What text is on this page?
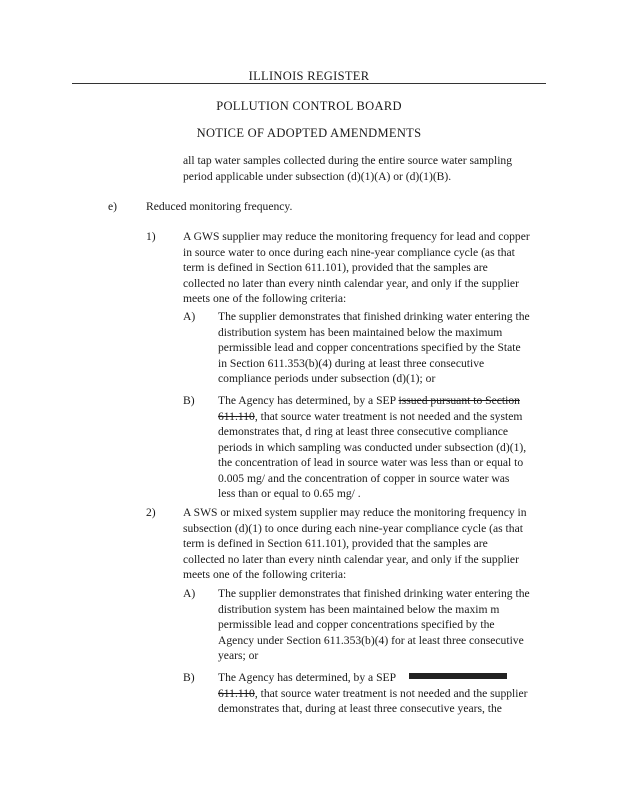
ILLINOIS REGISTER
POLLUTION CONTROL BOARD
NOTICE OF ADOPTED AMENDMENTS
all tap water samples collected during the entire source water sampling
period applicable under subsection (d)(1)(A) or (d)(1)(B).
e) Reduced monitoring frequency.
1) A GWS supplier may reduce the monitoring frequency for lead and copper
in source water to once during each nine-year compliance cycle (as that
term is defined in Section 611.101), provided that the samples are
collected no later than every ninth calendar year, and only if the supplier
meets one of the following criteria:
A) The supplier demonstrates that finished drinking water entering the
distribution system has been maintained below the maximum
permissible lead and copper concentrations specified by the State
in Section 611.353(b)(4) during at least three consecutive
compliance periods under subsection (d)(1); or
B) The Agency has determined, by a SEP issued pursuant to Section
611.110, that source water treatment is not needed and the system
demonstrates that, d ring at least three consecutive compliance
periods in which sampling was conducted under subsection (d)(1),
the concentration of lead in source water was less than or equal to
0.005 mg/ and the concentration of copper in source water was
less than or equal to 0.65 mg/ .
2) A SWS or mixed system supplier may reduce the monitoring frequency in
subsection (d)(1) to once during each nine-year compliance cycle (as that
term is defined in Section 611.101), provided that the samples are
collected no later than every ninth calendar year, and only if the supplier
meets one of the following criteria:
A) The supplier demonstrates that finished drinking water entering the
distribution system has been maintained below the maxim m
permissible lead and copper concentrations specified by the
Agency under Section 611.353(b)(4) for at least three consecutive
years; or
B) The Agency has determined, by a SEP
611.110, that source water treatment is not needed and the supplier
demonstrates that, during at least three consecutive years, the
